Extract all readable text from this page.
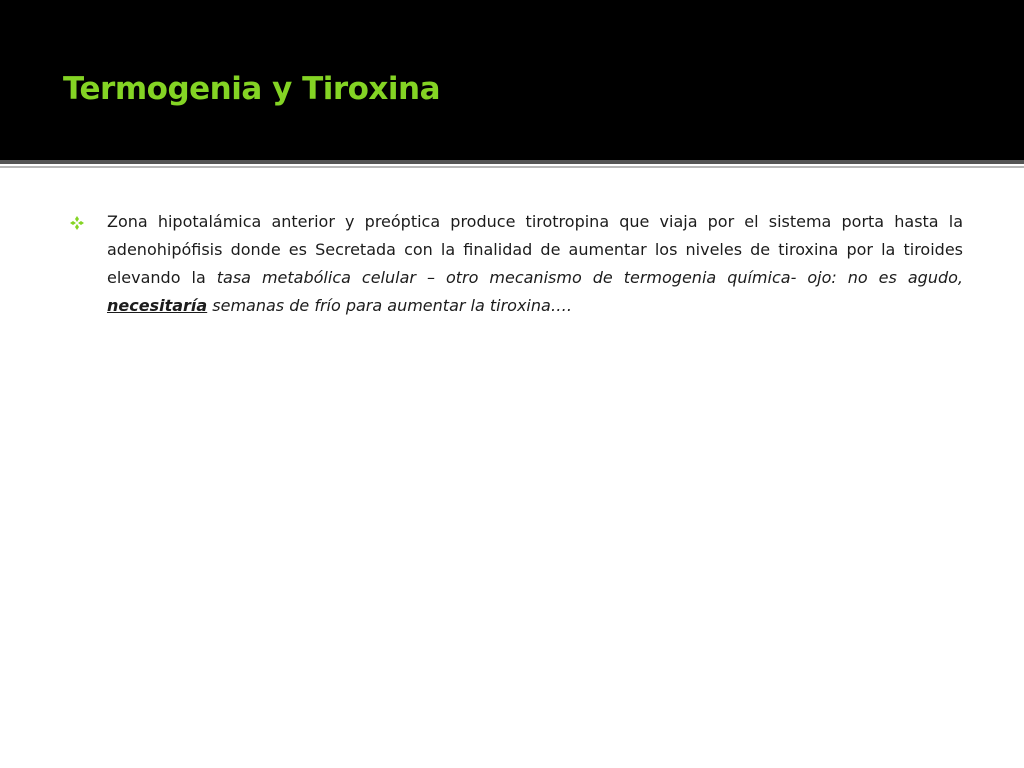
Termogenia y Tiroxina

Zona hipotalámica anterior y preóptica produce tirotropina que viaja por el sistema porta hasta la adenohipófisis donde es Secretada con la finalidad de aumentar los niveles de tiroxina por la tiroides elevando la tasa metabólica celular – otro mecanismo de termogenia química- ojo: no es agudo, necesitaría semanas de frío para aumentar la tiroxina….
